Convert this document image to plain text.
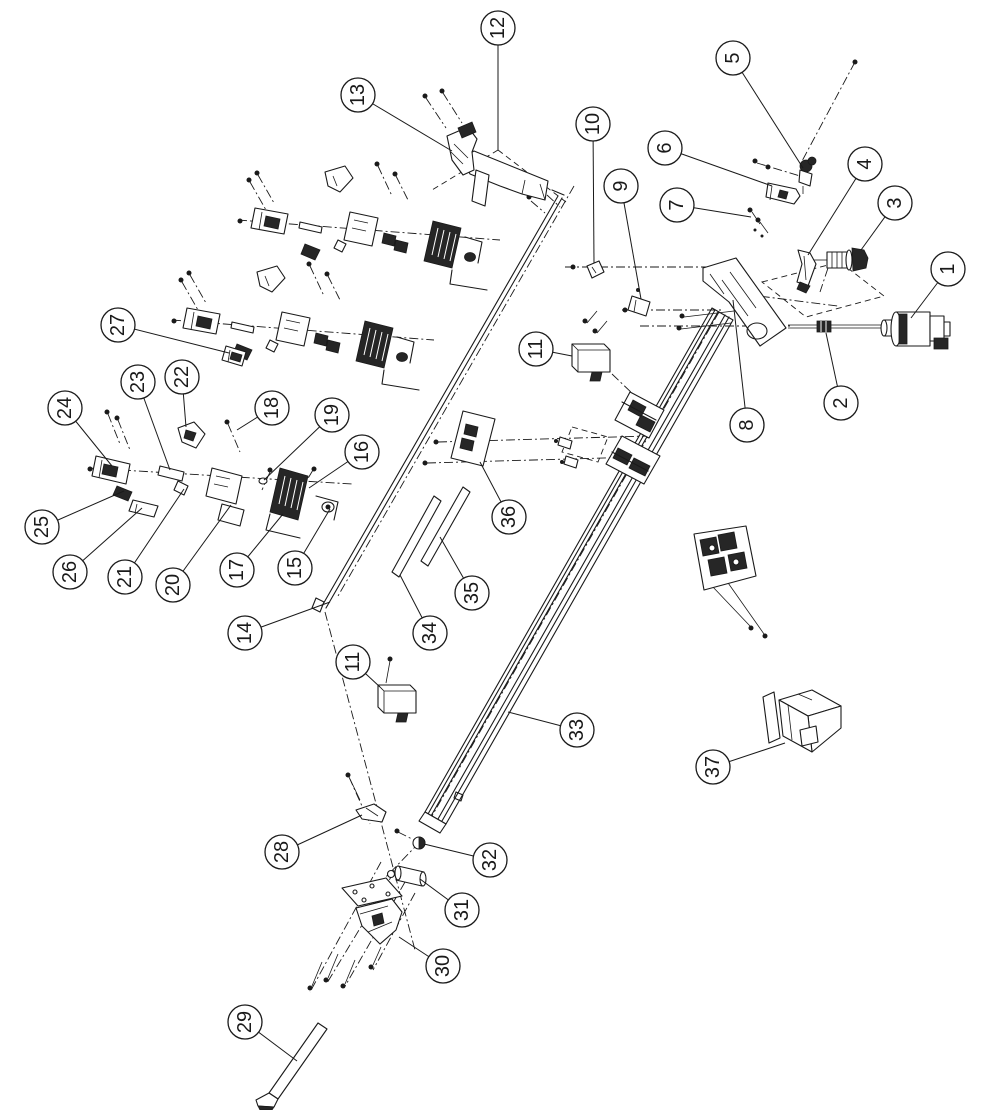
1
2
3
4
5
6
7
8
9
10
11
12
13
14
15
16
17
18 19
20
21
22
23
24
25
26
27
28
29
30
31
32
33
34
35
36
37
11
